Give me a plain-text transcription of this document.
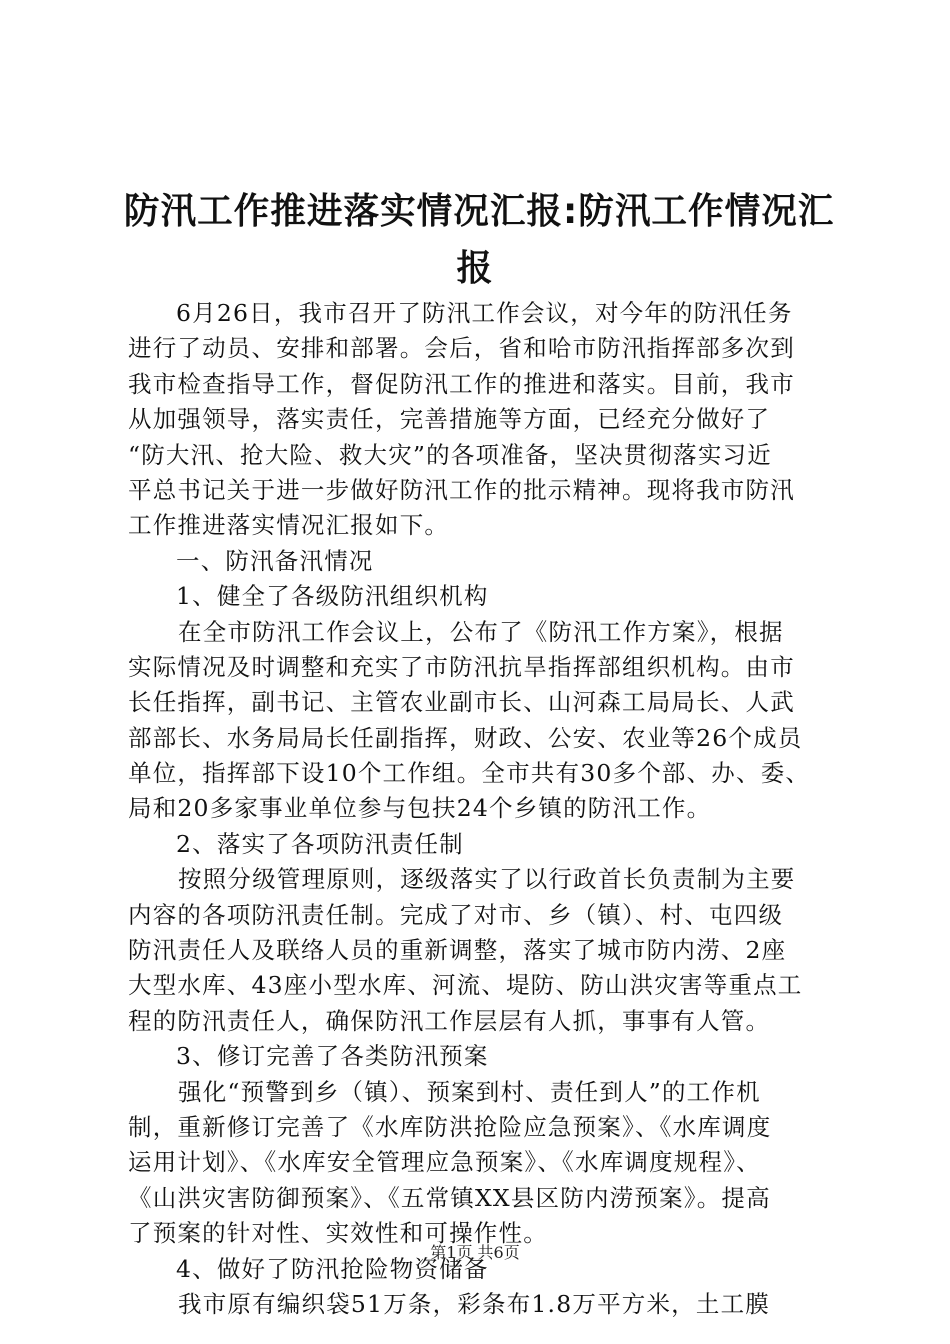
防汛工作推进落实情况汇报:防汛工作情况汇
报
6月26日，我市召开了防汛工作会议，对今年的防汛任务
进行了动员、安排和部署。会后，省和哈市防汛指挥部多次到
我市检查指导工作，督促防汛工作的推进和落实。目前，我市
从加强领导，落实责任，完善措施等方面，已经充分做好了
“防大汛、抢大险、救大灾”的各项准备，坚决贯彻落实习近
平总书记关于进一步做好防汛工作的批示精神。现将我市防汛
工作推进落实情况汇报如下。
一、防汛备汛情况
1、健全了各级防汛组织机构
在全市防汛工作会议上，公布了《防汛工作方案》，根据
实际情况及时调整和充实了市防汛抗旱指挥部组织机构。由市
长任指挥，副书记、主管农业副市长、山河森工局局长、人武
部部长、水务局局长任副指挥，财政、公安、农业等26个成员
单位，指挥部下设10个工作组。全市共有30多个部、办、委、
局和20多家事业单位参与包扶24个乡镇的防汛工作。
2、落实了各项防汛责任制
按照分级管理原则，逐级落实了以行政首长负责制为主要
内容的各项防汛责任制。完成了对市、乡（镇）、村、屯四级
防汛责任人及联络人员的重新调整，落实了城市防内涝、2座
大型水库、43座小型水库、河流、堤防、防山洪灾害等重点工
程的防汛责任人，确保防汛工作层层有人抓，事事有人管。
3、修订完善了各类防汛预案
强化“预警到乡（镇）、预案到村、责任到人”的工作机
制，重新修订完善了《水库防洪抢险应急预案》、《水库调度
运用计划》、《水库安全管理应急预案》、《水库调度规程》、
《山洪灾害防御预案》、《五常镇XX县区防内涝预案》。提高
了预案的针对性、实效性和可操作性。
4、做好了防汛抢险物资储备
我市原有编织袋51万条，彩条布1.8万平方米，土工膜
第1页 共6页
